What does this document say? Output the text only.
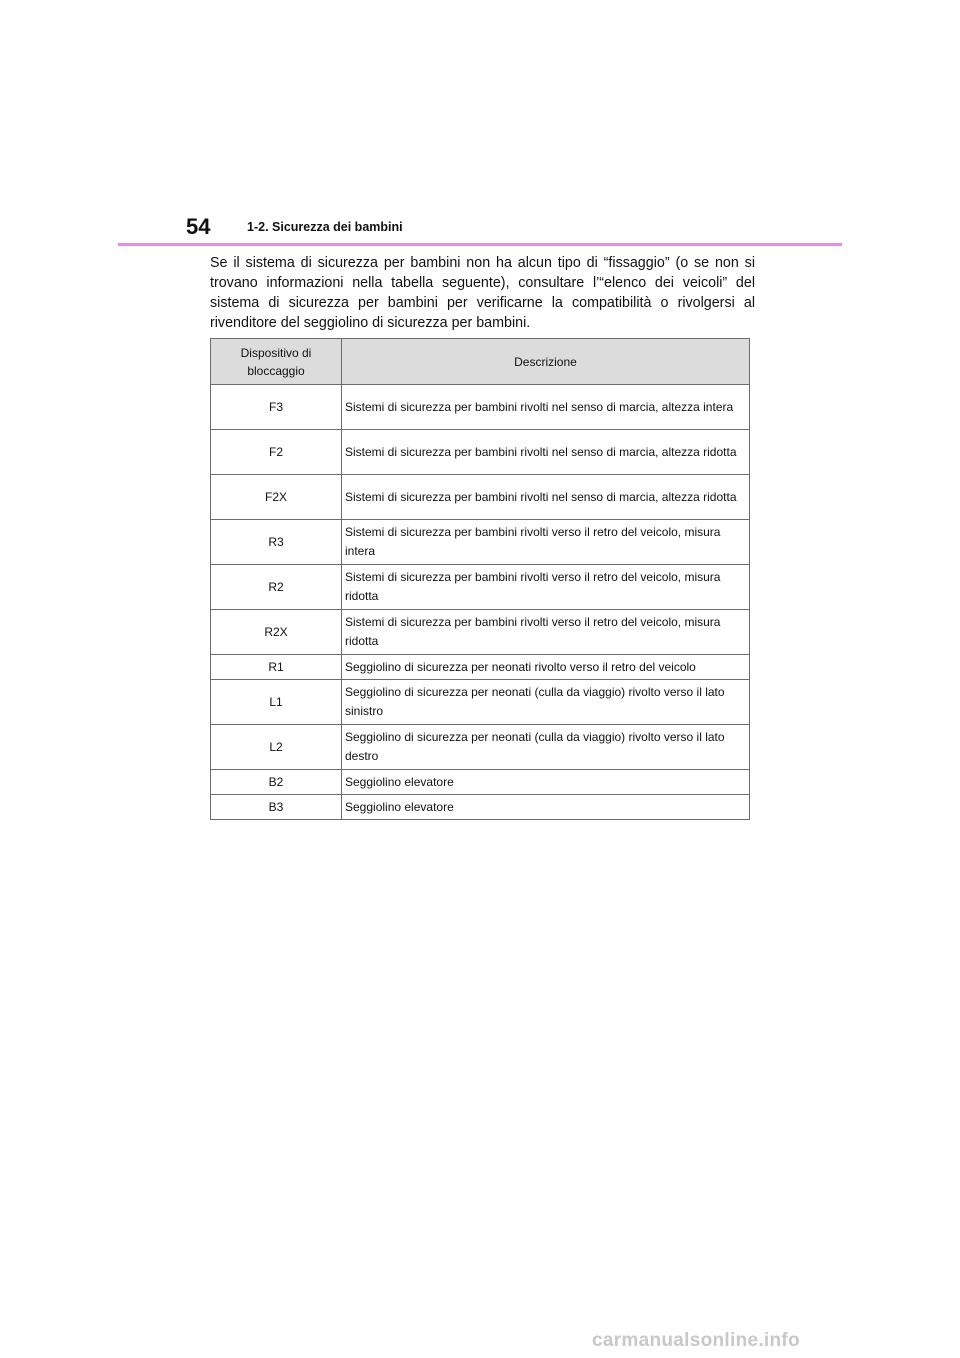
54	1-2. Sicurezza dei bambini

Se il sistema di sicurezza per bambini non ha alcun tipo di “fissaggio” (o se non si trovano informazioni nella tabella seguente), consultare l’“elenco dei veicoli” del sistema di sicurezza per bambini per verificarne la compatibilità o rivolgersi al rivenditore del seggiolino di sicurezza per bambini.

Dispositivo di bloccaggio	Descrizione
F3	Sistemi di sicurezza per bambini rivolti nel senso di marcia, altezza intera
F2	Sistemi di sicurezza per bambini rivolti nel senso di marcia, altezza ridotta
F2X	Sistemi di sicurezza per bambini rivolti nel senso di marcia, altezza ridotta
R3	Sistemi di sicurezza per bambini rivolti verso il retro del veicolo, misura intera
R2	Sistemi di sicurezza per bambini rivolti verso il retro del veicolo, misura ridotta
R2X	Sistemi di sicurezza per bambini rivolti verso il retro del veicolo, misura ridotta
R1	Seggiolino di sicurezza per neonati rivolto verso il retro del veicolo
L1	Seggiolino di sicurezza per neonati (culla da viaggio) rivolto verso il lato sinistro
L2	Seggiolino di sicurezza per neonati (culla da viaggio) rivolto verso il lato destro
B2	Seggiolino elevatore
B3	Seggiolino elevatore
carmanualsonline.info
